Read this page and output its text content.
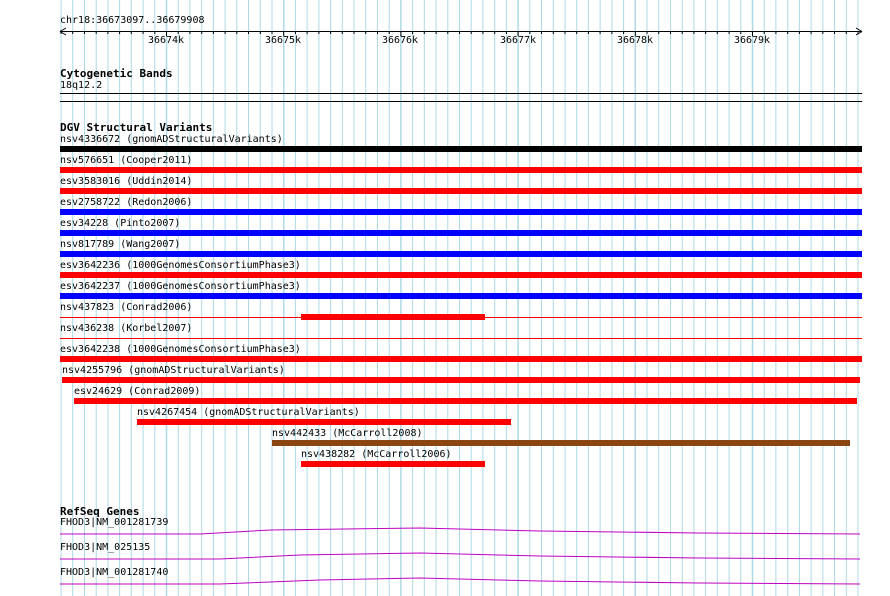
chr18:36673097..36679908
36674k	36675k	36676k	36677k	36678k	36679k
Cytogenetic Bands
18q12.2
DGV Structural Variants
nsv4336672 (gnomADStructuralVariants)
nsv576651 (Cooper2011)
esv3583016 (Uddin2014)
esv2758722 (Redon2006)
esv34228 (Pinto2007)
nsv817789 (Wang2007)
esv3642236 (1000GenomesConsortiumPhase3)
esv3642237 (1000GenomesConsortiumPhase3)
nsv437823 (Conrad2006)
nsv436238 (Korbel2007)
esv3642238 (1000GenomesConsortiumPhase3)
nsv4255796 (gnomADStructuralVariants)
esv24629 (Conrad2009)
nsv4267454 (gnomADStructuralVariants)
nsv442433 (McCarroll2008)
nsv438282 (McCarroll2006)
RefSeq Genes
FHOD3|NM_001281739
FHOD3|NM_025135
FHOD3|NM_001281740
